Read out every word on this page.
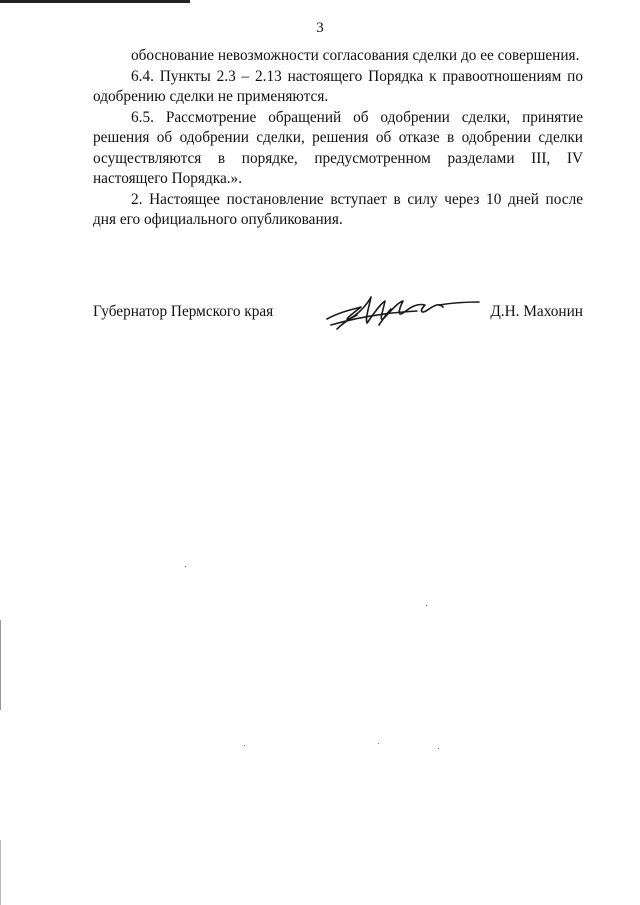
3

обоснование невозможности согласования сделки до ее совершения.

6.4. Пункты 2.3 – 2.13 настоящего Порядка к правоотношениям по одобрению сделки не применяются.

6.5. Рассмотрение обращений об одобрении сделки, принятие решения об одобрении сделки, решения об отказе в одобрении сделки осуществляются в порядке, предусмотренном разделами III, IV настоящего Порядка.».

2. Настоящее постановление вступает в силу через 10 дней после дня его официального опубликования.

Губернатор Пермского края	Д.Н. Махонин
